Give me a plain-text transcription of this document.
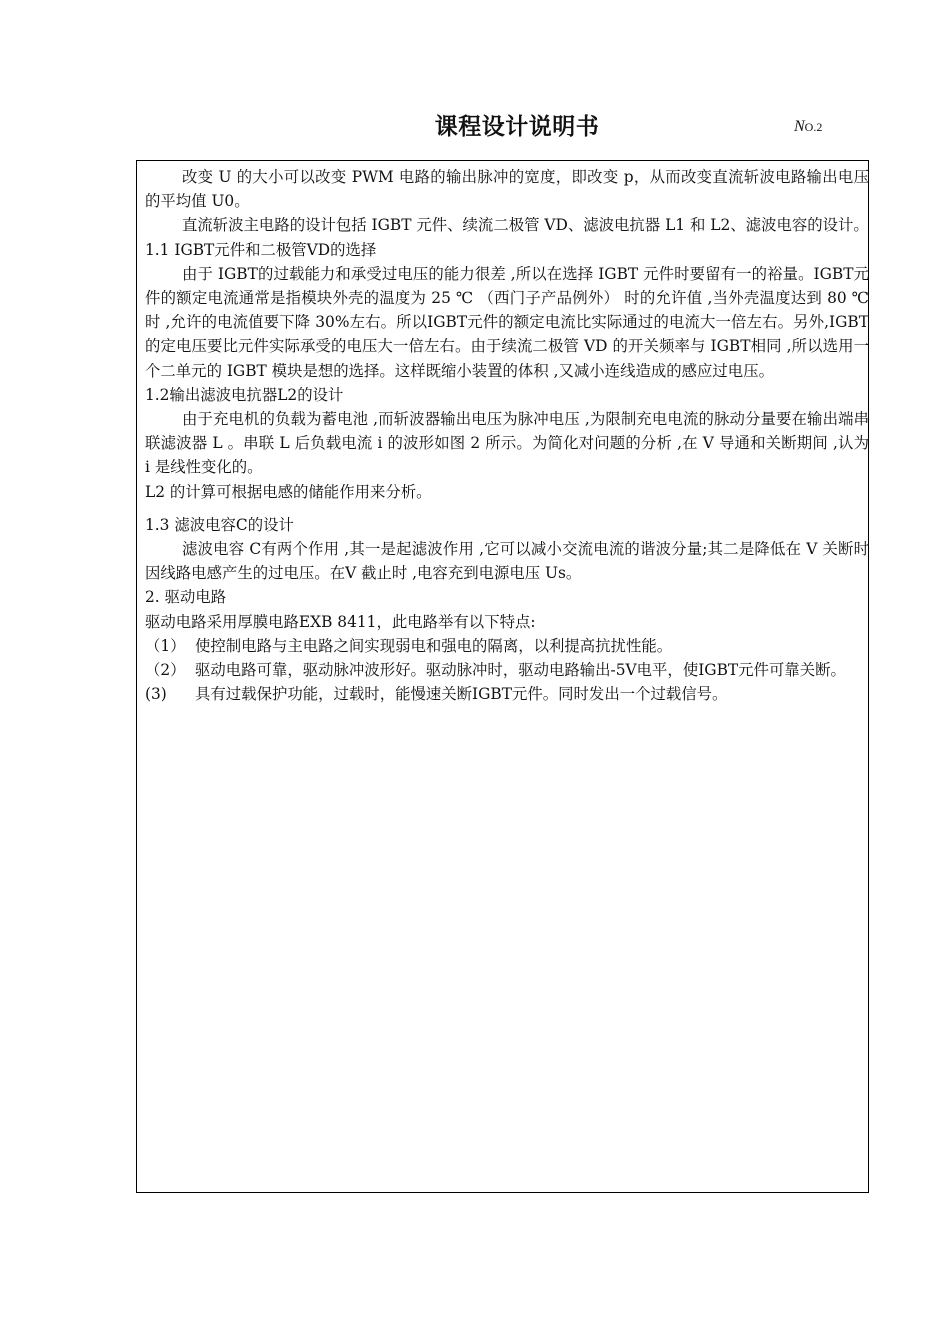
课程设计说明书	NO.2

改变 U 的大小可以改变 PWM 电路的输出脉冲的宽度，即改变 p，从而改变直流斩波电路输出电压的平均值 U0。

直流斩波主电路的设计包括 IGBT 元件、续流二极管 VD、滤波电抗器 L1 和 L2、滤波电容的设计。

1.1 IGBT元件和二极管VD的选择

由于 IGBT的过载能力和承受过电压的能力很差 ,所以在选择 IGBT 元件时要留有一的裕量。IGBT元件的额定电流通常是指模块外壳的温度为 25 ℃ （西门子产品例外） 时的允许值 ,当外壳温度达到 80 ℃时 ,允许的电流值要下降 30%左右。所以IGBT元件的额定电流比实际通过的电流大一倍左右。另外,IGBT的定电压要比元件实际承受的电压大一倍左右。由于续流二极管 VD 的开关频率与 IGBT相同 ,所以选用一个二单元的 IGBT 模块是想的选择。这样既缩小装置的体积 ,又减小连线造成的感应过电压。

1.2输出滤波电抗器L2的设计

由于充电机的负载为蓄电池 ,而斩波器输出电压为脉冲电压 ,为限制充电电流的脉动分量要在输出端串联滤波器 L 。串联 L 后负载电流 i 的波形如图 2 所示。为简化对问题的分析 ,在 V 导通和关断期间 ,认为 i 是线性变化的。

L2 的计算可根据电感的储能作用来分析。

1.3 滤波电容C的设计

滤波电容 C有两个作用 ,其一是起滤波作用 ,它可以减小交流电流的谐波分量;其二是降低在 V 关断时因线路电感产生的过电压。在V 截止时 ,电容充到电源电压 Us。

2. 驱动电路

驱动电路采用厚膜电路EXB 8411，此电路举有以下特点:

（1） 使控制电路与主电路之间实现弱电和强电的隔离，以利提高抗扰性能。
（2） 驱动电路可靠，驱动脉冲波形好。驱动脉冲时，驱动电路输出-5V电平，使IGBT元件可靠关断。
(3)	具有过载保护功能，过载时，能慢速关断IGBT元件。同时发出一个过载信号。
